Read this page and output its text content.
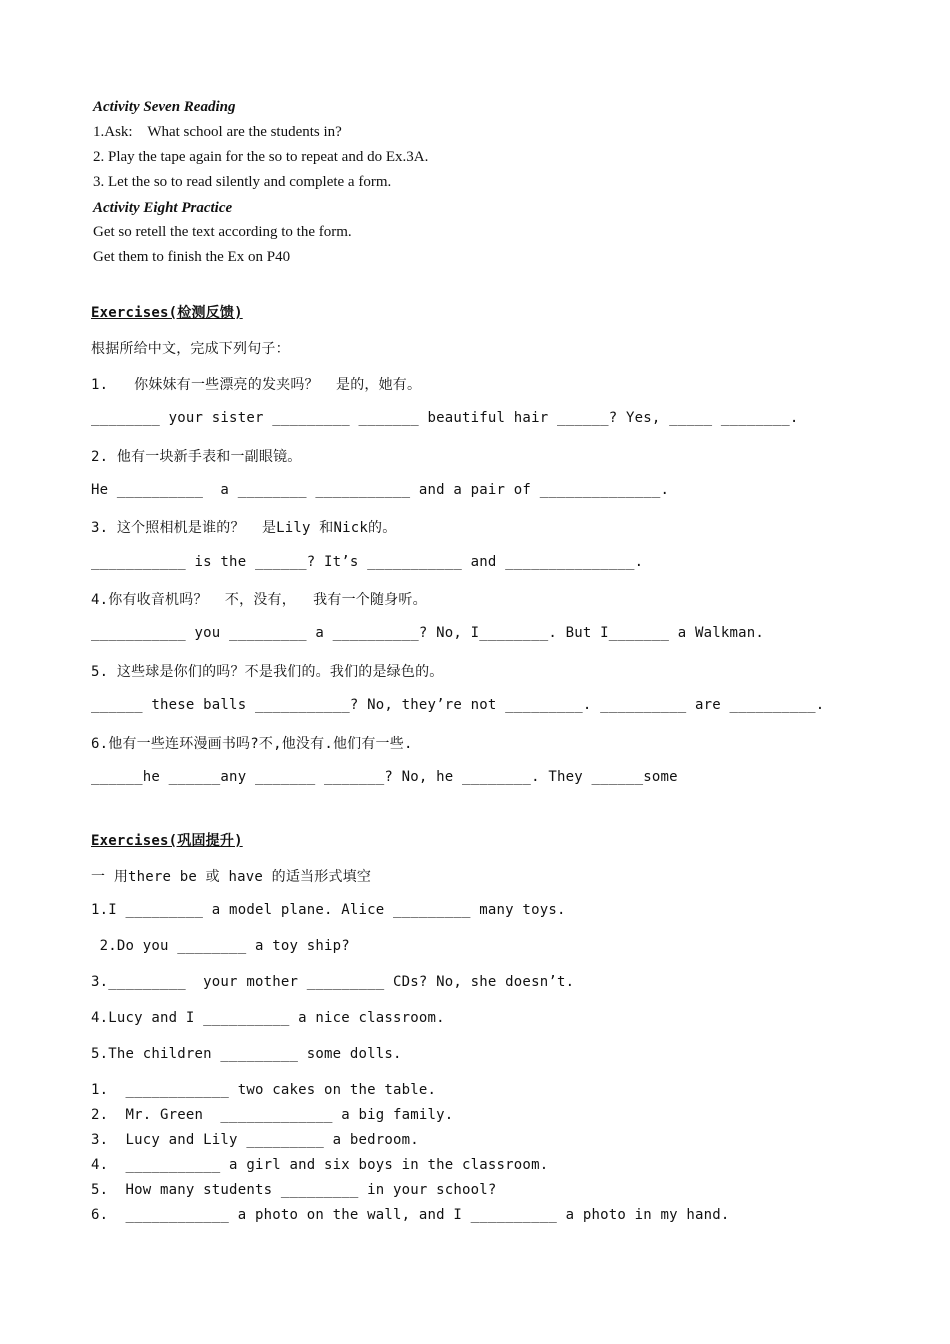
Activity Seven Reading

1.Ask:    What school are the students in?

2. Play the tape again for the so to repeat and do Ex.3A.

3. Let the so to read silently and complete a form.

Activity Eight Practice

Get so retell the text according to the form.

Get them to finish the Ex on P40

Exercises(检测反馈)

根据所给中文，完成下列句子：

1.   你妹妹有一些漂亮的发夹吗？  是的，她有。

________ your sister _________ _______ beautiful hair ______? Yes, _____ ________.

2. 他有一块新手表和一副眼镜。

He __________  a ________ ___________ and a pair of ______________.

3. 这个照相机是谁的？  是Lily 和Nick的。

___________ is the ______? It’s ___________ and _______________.

4.你有收音机吗？  不，没有，  我有一个随身听。

___________ you _________ a __________? No, I________. But I_______ a Walkman.

5. 这些球是你们的吗？不是我们的。我们的是绿色的。

______ these balls ___________? No, they’re not _________. __________ are __________.

6.他有一些连环漫画书吗?不,他没有.他们有一些.

______he ______any _______ _______? No, he ________. They ______some

Exercises(巩固提升)

一 用there be 或 have 的适当形式填空

1.I _________ a model plane. Alice _________ many toys.

2.Do you ________ a toy ship?

3._________  your mother _________ CDs? No, she doesn’t.

4.Lucy and I __________ a nice classroom.

5.The children _________ some dolls.

1.  ____________ two cakes on the table.

2.  Mr. Green  _____________ a big family.

3.  Lucy and Lily _________ a bedroom.

4.  ___________ a girl and six boys in the classroom.

5.  How many students _________ in your school?

6.  ____________ a photo on the wall, and I __________ a photo in my hand.
